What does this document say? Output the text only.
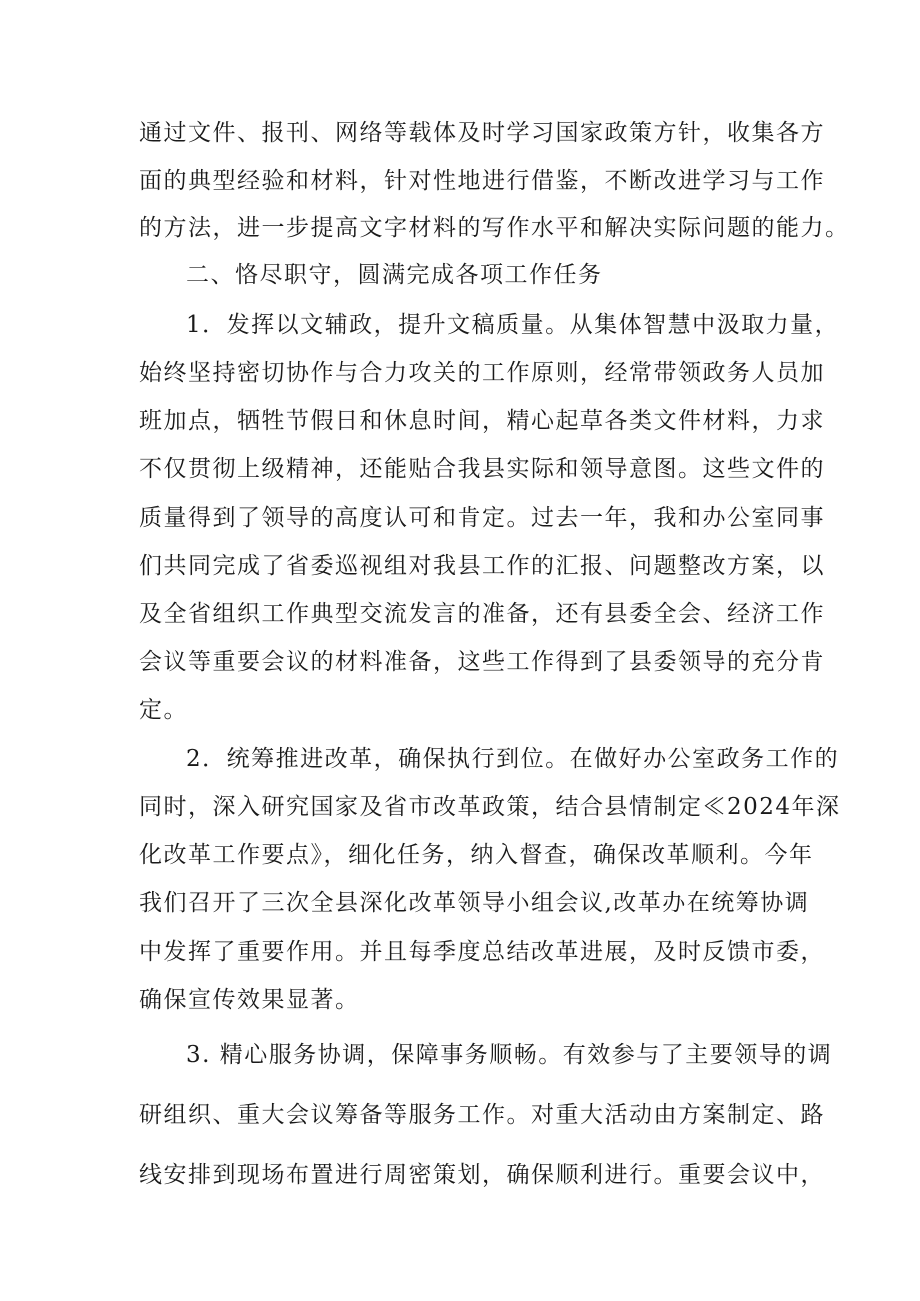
通过文件、报刊、网络等载体及时学习国家政策方针，收集各方
面的典型经验和材料，针对性地进行借鉴，不断改进学习与工作
的方法，进一步提高文字材料的写作水平和解决实际问题的能力。
二、恪尽职守，圆满完成各项工作任务
1．发挥以文辅政，提升文稿质量。从集体智慧中汲取力量，
始终坚持密切协作与合力攻关的工作原则，经常带领政务人员加
班加点，牺牲节假日和休息时间，精心起草各类文件材料，力求
不仅贯彻上级精神，还能贴合我县实际和领导意图。这些文件的
质量得到了领导的高度认可和肯定。过去一年，我和办公室同事
们共同完成了省委巡视组对我县工作的汇报、问题整改方案，以
及全省组织工作典型交流发言的准备，还有县委全会、经济工作
会议等重要会议的材料准备，这些工作得到了县委领导的充分肯
定。
2．统筹推进改革，确保执行到位。在做好办公室政务工作的
同时，深入研究国家及省市改革政策，结合县情制定≪2024年深
化改革工作要点》，细化任务，纳入督查，确保改革顺利。今年
我们召开了三次全县深化改革领导小组会议,改革办在统筹协调
中发挥了重要作用。并且每季度总结改革进展，及时反馈市委，
确保宣传效果显著。
3. 精心服务协调，保障事务顺畅。有效参与了主要领导的调
研组织、重大会议筹备等服务工作。对重大活动由方案制定、路
线安排到现场布置进行周密策划，确保顺利进行。重要会议中，
